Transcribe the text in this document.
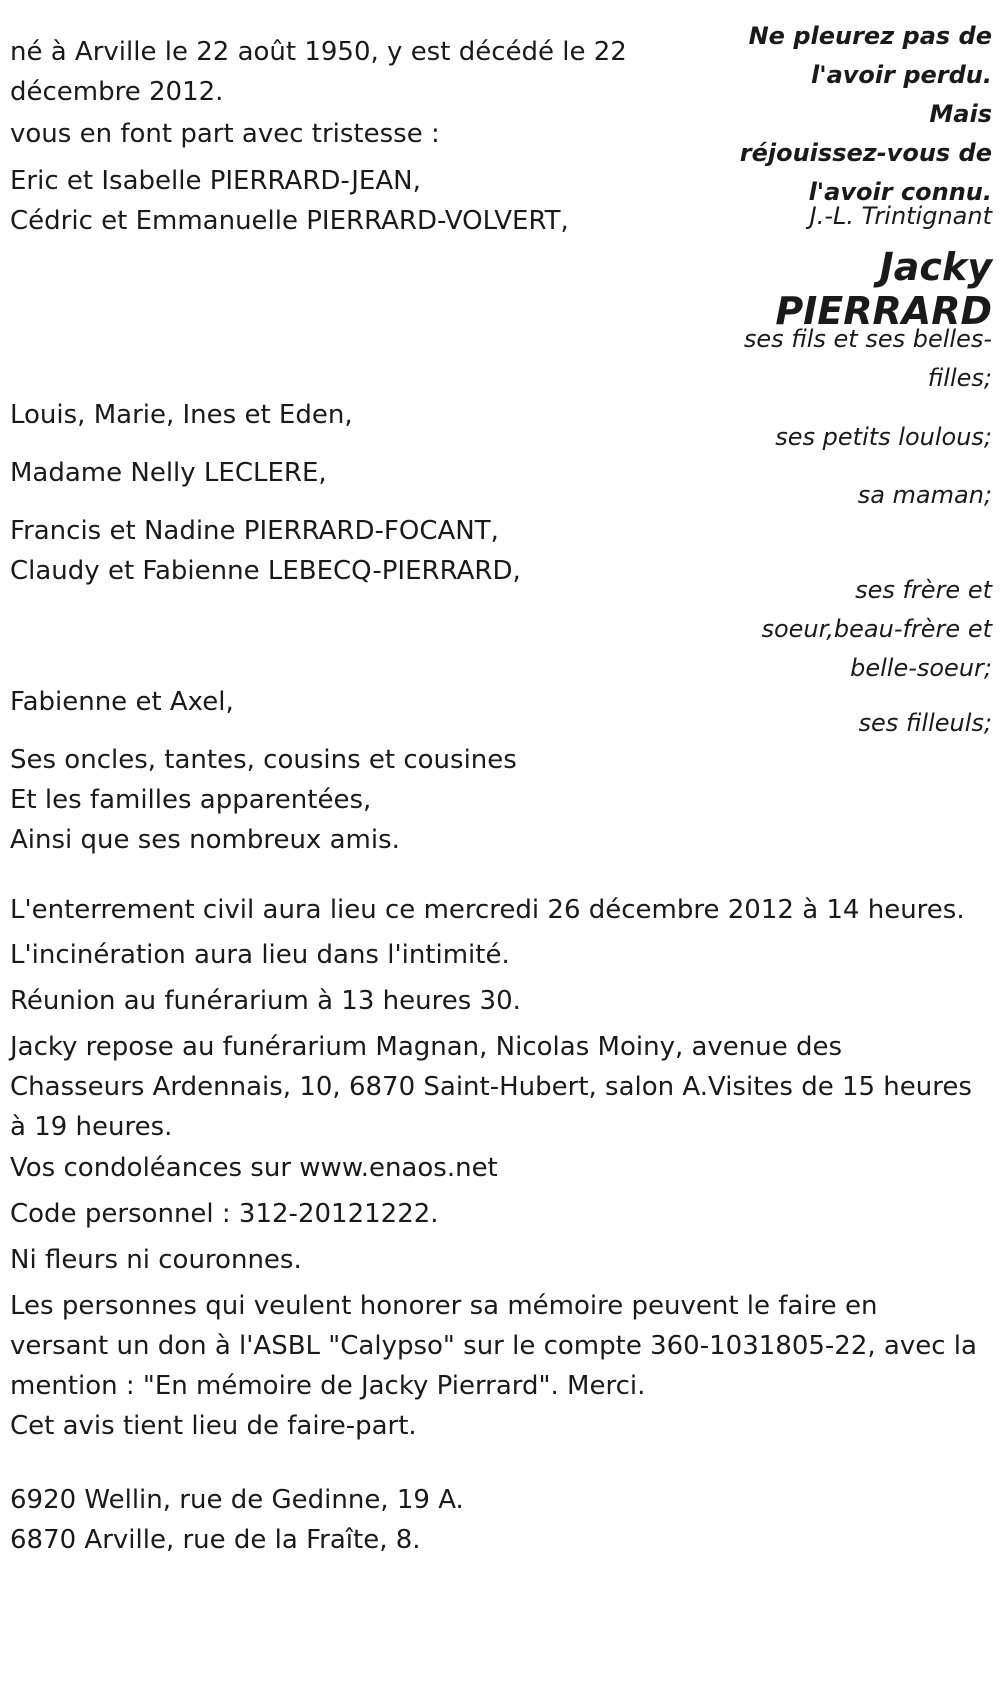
né à Arville le 22 août 1950, y est décédé le 22
décembre 2012.

vous en font part avec tristesse :

Eric et Isabelle PIERRARD-JEAN,
Cédric et Emmanuelle PIERRARD-VOLVERT,

Louis, Marie, Ines et Eden,

Madame Nelly LECLERE,

Francis et Nadine PIERRARD-FOCANT,
Claudy et Fabienne LEBECQ-PIERRARD,

Fabienne et Axel,

Ses oncles, tantes, cousins et cousines
Et les familles apparentées,
Ainsi que ses nombreux amis.

Ne pleurez pas de
l'avoir perdu.
Mais
réjouissez-vous de
l'avoir connu.

J.-L. Trintignant

Jacky
PIERRARD

ses fils et ses belles-
filles;

ses petits loulous;

sa maman;

ses frère et
soeur,beau-frère et
belle-soeur;

ses filleuls;

L'enterrement civil aura lieu ce mercredi 26 décembre 2012 à 14 heures.

L'incinération aura lieu dans l'intimité.

Réunion au funérarium à 13 heures 30.

Jacky repose au funérarium Magnan, Nicolas Moiny, avenue des
Chasseurs Ardennais, 10, 6870 Saint-Hubert, salon A.Visites de 15 heures
à 19 heures.

Vos condoléances sur www.enaos.net

Code personnel : 312-20121222.

Ni fleurs ni couronnes.

Les personnes qui veulent honorer sa mémoire peuvent le faire en
versant un don à l'ASBL "Calypso" sur le compte 360-1031805-22, avec la
mention : "En mémoire de Jacky Pierrard". Merci.

Cet avis tient lieu de faire-part.

6920 Wellin, rue de Gedinne, 19 A.
6870 Arville, rue de la Fraîte, 8.
